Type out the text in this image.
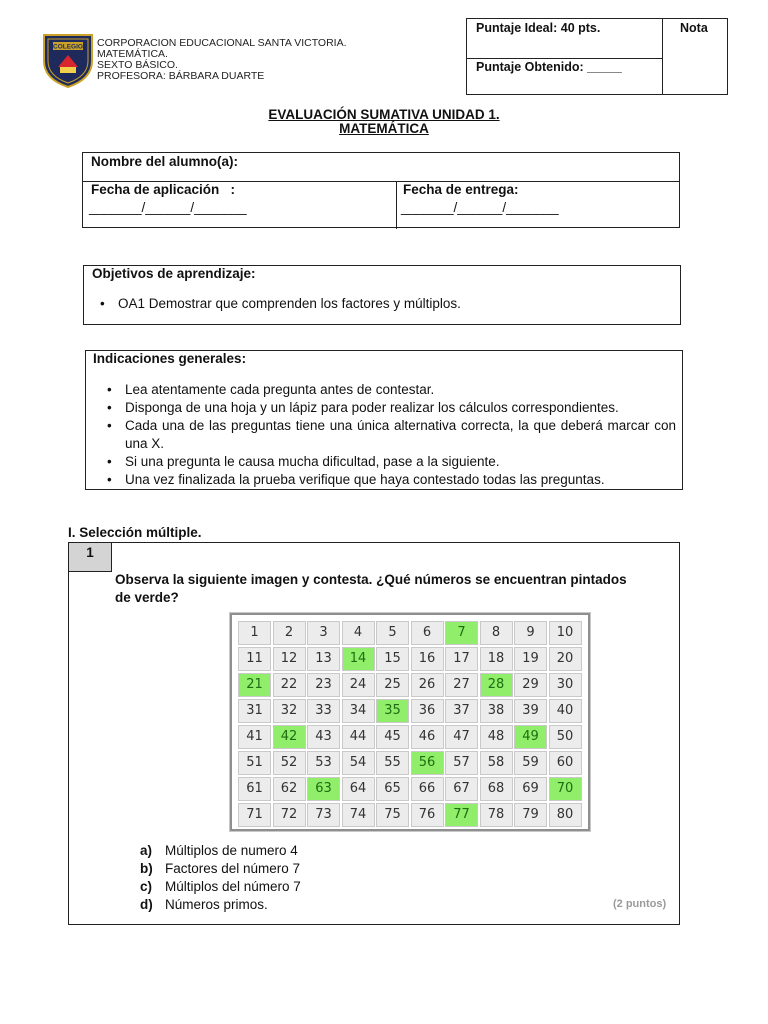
COLEGIO CORPORACION EDUCACIONAL SANTA VICTORIA.
MATEMÁTICA.
SEXTO BÁSICO.
PROFESORA: BÁRBARA DUARTE
Puntaje Ideal: 40 pts.
Puntaje Obtenido: _____
Nota
EVALUACIÓN SUMATIVA UNIDAD 1.
MATEMÁTICA
Nombre del alumno(a):
Fecha de aplicación   :
_______/______/_______
Fecha de entrega:
_______/______/_______
Objetivos de aprendizaje:
• OA1 Demostrar que comprenden los factores y múltiplos.
Indicaciones generales:
• Lea atentamente cada pregunta antes de contestar.
• Disponga de una hoja y un lápiz para poder realizar los cálculos correspondientes.
• Cada una de las preguntas tiene una única alternativa correcta, la que deberá marcar con una X.
• Si una pregunta le causa mucha dificultad, pase a la siguiente.
• Una vez finalizada la prueba verifique que haya contestado todas las preguntas.
I. Selección múltiple.
1
Observa la siguiente imagen y contesta. ¿Qué números se encuentran pintados de verde?
1	2	3	4	5	6	7	8	9	10
11	12	13	14	15	16	17	18	19	20
21	22	23	24	25	26	27	28	29	30
31	32	33	34	35	36	37	38	39	40
41	42	43	44	45	46	47	48	49	50
51	52	53	54	55	56	57	58	59	60
61	62	63	64	65	66	67	68	69	70
71	72	73	74	75	76	77	78	79	80
a) Múltiplos de numero 4
b) Factores del número 7
c) Múltiplos del número 7
d) Números primos.	(2 puntos)
